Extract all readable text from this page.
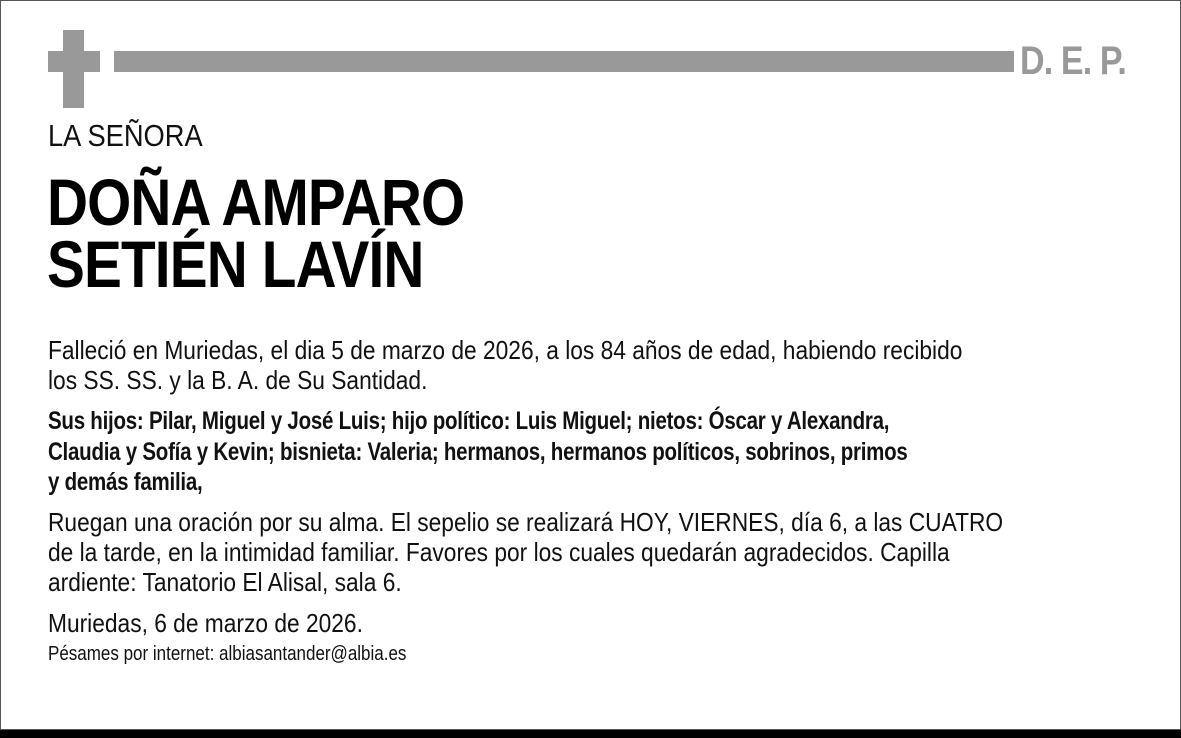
D. E. P.
LA SEÑORA
DOÑA AMPARO
SETIÉN LAVÍN
Falleció en Muriedas, el dia 5 de marzo de 2026, a los 84 años de edad, habiendo recibido
los SS. SS. y la B. A. de Su Santidad.
Sus hijos: Pilar, Miguel y José Luis; hijo político: Luis Miguel; nietos: Óscar y Alexandra,
Claudia y Sofía y Kevin; bisnieta: Valeria; hermanos, hermanos políticos, sobrinos, primos
y demás familia,
Ruegan una oración por su alma. El sepelio se realizará HOY, VIERNES, día 6, a las CUATRO
de la tarde, en la intimidad familiar. Favores por los cuales quedarán agradecidos. Capilla
ardiente: Tanatorio El Alisal, sala 6.
Muriedas, 6 de marzo de 2026.
Pésames por internet: albiasantander@albia.es
